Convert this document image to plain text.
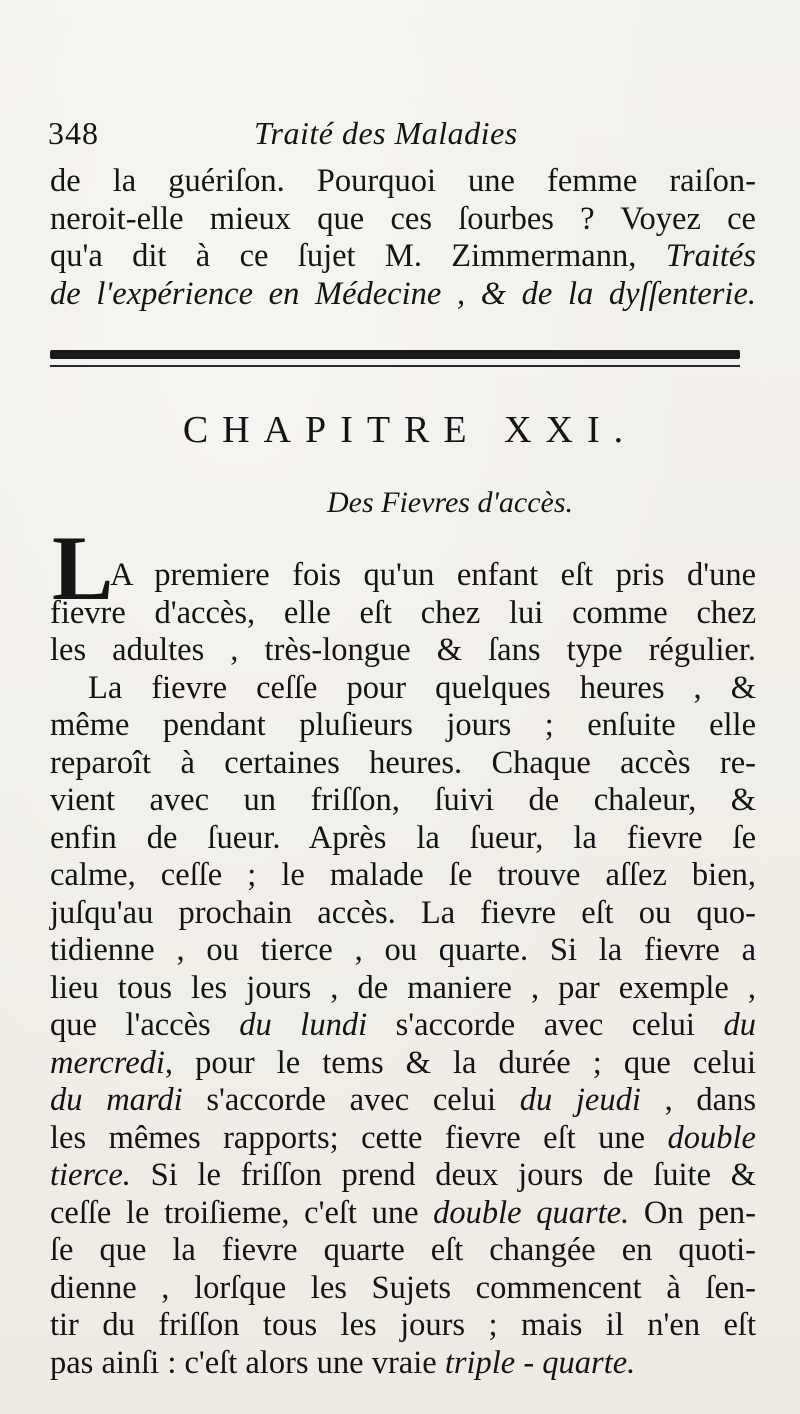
348	Traité des Maladies
de la guériſon. Pourquoi une femme raiſon-
neroit-elle mieux que ces ſourbes ? Voyez ce
qu'a dit à ce ſujet M. Zimmermann, Traités
de l'expérience en Médecine , & de la dyſſenterie.
CHAPITRE XXI.
Des Fievres d'accès.
L
A premiere fois qu'un enfant eſt pris d'une
fievre d'accès, elle eſt chez lui comme chez
les adultes , très-longue & ſans type régulier.
La fievre ceſſe pour quelques heures , &
même pendant pluſieurs jours ; enſuite elle
reparoît à certaines heures. Chaque accès re-
vient avec un friſſon, ſuivi de chaleur, &
enfin de ſueur. Après la ſueur, la fievre ſe
calme, ceſſe ; le malade ſe trouve aſſez bien,
juſqu'au prochain accès. La fievre eſt ou quo-
tidienne , ou tierce , ou quarte. Si la fievre a
lieu tous les jours , de maniere , par exemple ,
que l'accès du lundi s'accorde avec celui du
mercredi, pour le tems & la durée ; que celui
du mardi s'accorde avec celui du jeudi , dans
les mêmes rapports; cette fievre eſt une double
tierce. Si le friſſon prend deux jours de ſuite &
ceſſe le troiſieme, c'eſt une double quarte. On pen-
ſe que la fievre quarte eſt changée en quoti-
dienne , lorſque les Sujets commencent à ſen-
tir du friſſon tous les jours ; mais il n'en eſt
pas ainſi : c'eſt alors une vraie triple - quarte.
